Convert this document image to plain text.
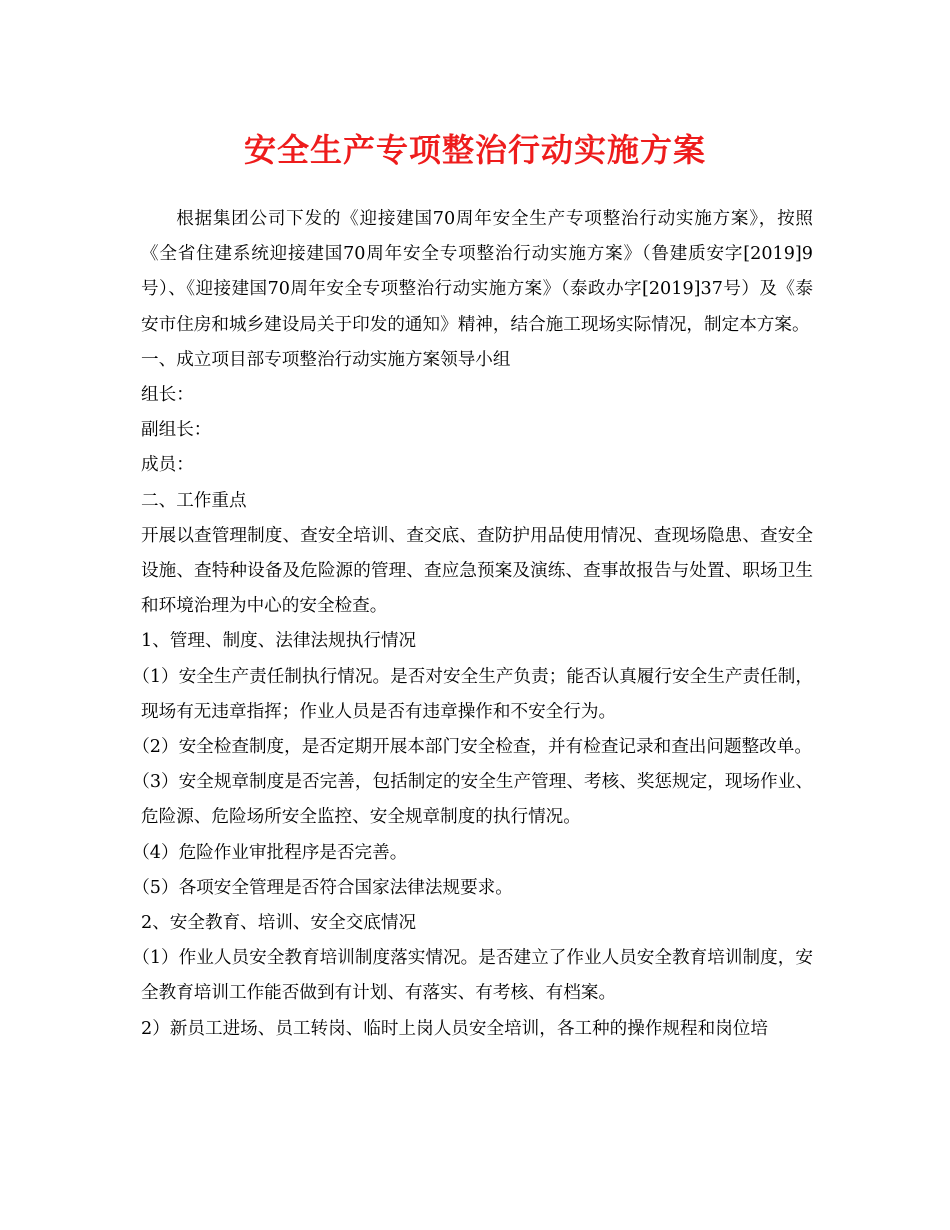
安全生产专项整治行动实施方案

根据集团公司下发的《迎接建国70周年安全生产专项整治行动实施方案》，按照《全省住建系统迎接建国70周年安全专项整治行动实施方案》（鲁建质安字[2019]9号）、《迎接建国70周年安全专项整治行动实施方案》（泰政办字[2019]37号）及《泰安市住房和城乡建设局关于印发的通知》精神，结合施工现场实际情况，制定本方案。

一、成立项目部专项整治行动实施方案领导小组

组长：

副组长：

成员：

二、工作重点

开展以查管理制度、查安全培训、查交底、查防护用品使用情况、查现场隐患、查安全设施、查特种设备及危险源的管理、查应急预案及演练、查事故报告与处置、职场卫生和环境治理为中心的安全检查。

1、管理、制度、法律法规执行情况

（1）安全生产责任制执行情况。是否对安全生产负责；能否认真履行安全生产责任制，现场有无违章指挥；作业人员是否有违章操作和不安全行为。

（2）安全检查制度，是否定期开展本部门安全检查，并有检查记录和查出问题整改单。

（3）安全规章制度是否完善，包括制定的安全生产管理、考核、奖惩规定，现场作业、危险源、危险场所安全监控、安全规章制度的执行情况。

（4）危险作业审批程序是否完善。

（5）各项安全管理是否符合国家法律法规要求。

2、安全教育、培训、安全交底情况

（1）作业人员安全教育培训制度落实情况。是否建立了作业人员安全教育培训制度，安全教育培训工作能否做到有计划、有落实、有考核、有档案。

2）新员工进场、员工转岗、临时上岗人员安全培训，各工种的操作规程和岗位培
